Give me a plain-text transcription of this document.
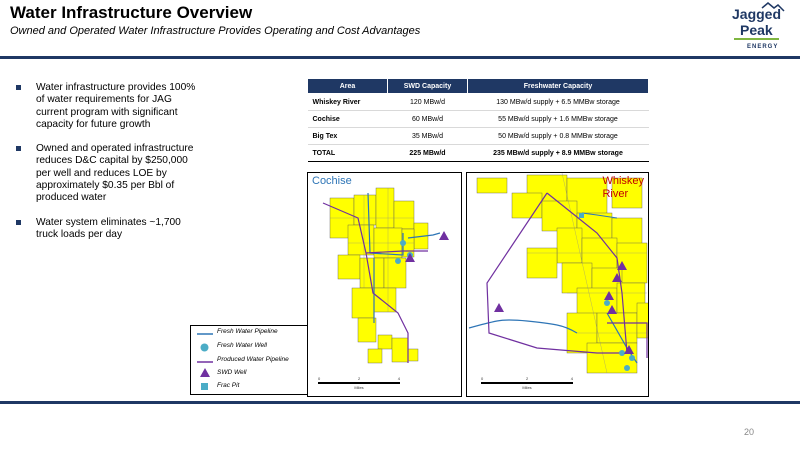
Water Infrastructure Overview
Owned and Operated Water Infrastructure Provides Operating and Cost Advantages
Jagged
Peak
ENERGY
Water infrastructure provides 100% of water requirements for JAG current program with significant capacity for future growth
Owned and operated infrastructure reduces D&C capital by $250,000 per well and reduces LOE by approximately $0.35 per Bbl of produced water
Water system eliminates ~1,700 truck loads per day
Area	SWD Capacity	Freshwater Capacity
Whiskey River	120 MBw/d	130 MBw/d supply + 6.5 MMBw storage
Cochise	60 MBw/d	55 MBw/d supply + 1.6 MMBw storage
Big Tex	35 MBw/d	50 MBw/d supply + 0.8 MMBw storage
TOTAL	225 MBw/d	235 MBw/d supply + 8.9 MMBw storage
Cochise
0	2	4
Miles
Whiskey
River
0	2	4
Miles
Fresh Water Pipeline
Fresh Water Well
Produced Water Pipeline
SWD Well
Frac Pit
20
